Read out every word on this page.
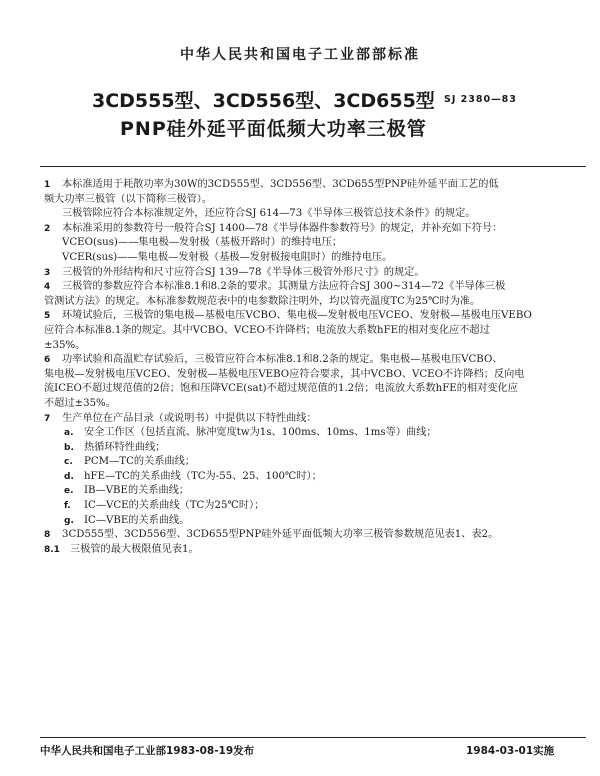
中华人民共和国电子工业部部标准
3CD555型、3CD556型、3CD655型
PNP硅外延平面低频大功率三极管
SJ 2380—83
1 本标准适用于耗散功率为30W的3CD555型、3CD556型、3CD655型PNP硅外延平面工艺的低
频大功率三极管（以下简称三极管）。
三极管除应符合本标准规定外，还应符合SJ 614—73《半导体三极管总技术条件》的规定。
2 本标准采用的参数符号一般符合SJ 1400—78《半导体器件参数符号》的规定，并补充如下符号：
VCEO(sus)——集电极—发射极（基极开路时）的维持电压；
VCER(sus)——集电极—发射极（基极—发射极接电阻时）的维持电压。
3 三极管的外形结构和尺寸应符合SJ 139—78《半导体三极管外形尺寸》的规定。
4 三极管的参数应符合本标准8.1和8.2条的要求。其测量方法应符合SJ 300~314—72《半导体三极
管测试方法》的规定。本标准参数规范表中的电参数除注明外，均以管壳温度TC为25℃时为准。
5 环境试验后，三极管的集电极—基极电压VCBO、集电极—发射极电压VCEO、发射极—基极电压VEBO
应符合本标准8.1条的规定。其中VCBO、VCEO不许降档；电流放大系数hFE的相对变化应不超过
±35%。
6 功率试验和高温贮存试验后，三极管应符合本标准8.1和8.2条的规定。集电极—基极电压VCBO、
集电极—发射极电压VCEO、发射极—基极电压VEBO应符合要求，其中VCBO、VCEO不许降档；反向电
流ICEO不超过规范值的2倍；饱和压降VCE(sat)不超过规范值的1.2倍；电流放大系数hFE的相对变化应
不超过±35%。
7 生产单位在产品目录（或说明书）中提供以下特性曲线：
a. 安全工作区（包括直流、脉冲宽度tw为1s、100ms、10ms、1ms等）曲线；
b. 热循环特性曲线；
c. PCM—TC的关系曲线；
d. hFE—TC的关系曲线（TC为-55、25、100℃时）；
e. IB—VBE的关系曲线；
f. IC—VCE的关系曲线（TC为25℃时）；
g. IC—VBE的关系曲线。
8 3CD555型、3CD556型、3CD655型PNP硅外延平面低频大功率三极管参数规范见表1、表2。
8.1 三极管的最大极限值见表1。
中华人民共和国电子工业部1983-08-19发布	1984-03-01实施
